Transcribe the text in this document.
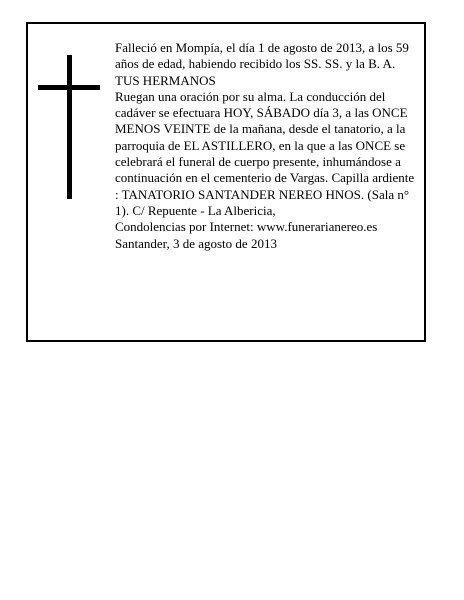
Falleció en Mompía, el día 1 de agosto de 2013, a los 59 años de edad, habiendo recibido los SS. SS. y la B. A.

TUS HERMANOS

Ruegan una oración por su alma. La conducción del cadáver se efectuara HOY, SÁBADO día 3, a las ONCE MENOS VEINTE de la mañana, desde el tanatorio, a la parroquia de EL ASTILLERO, en la que a las ONCE se celebrará el funeral de cuerpo presente, inhumándose a continuación en el cementerio de Vargas. Capilla ardiente : TANATORIO SANTANDER NEREO HNOS. (Sala n° 1). C/ Repuente - La Albericia,

Condolencias por Internet: www.funerarianereo.es

Santander, 3 de agosto de 2013
